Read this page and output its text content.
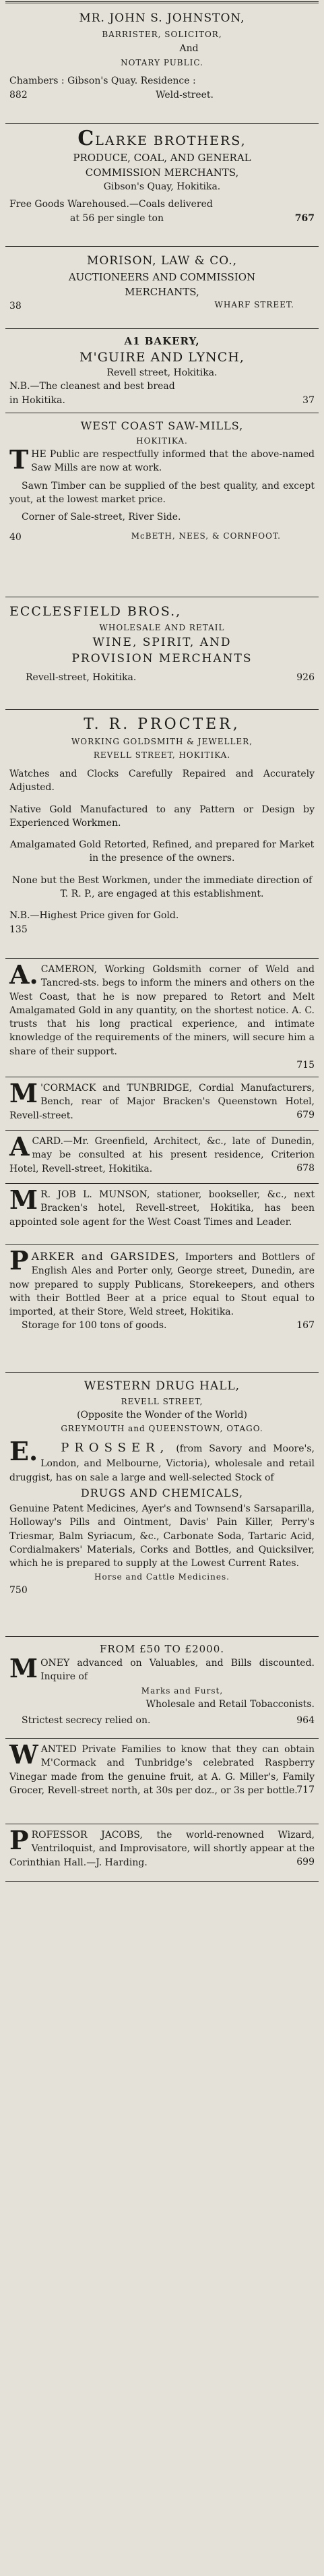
MR. JOHN S. JOHNSTON,
BARRISTER, SOLICITOR,
And
NOTARY PUBLIC.
Chambers : Gibson's Quay. Residence :
882	Weld-street.
CLARKE BROTHERS,
PRODUCE, COAL, AND GENERAL
COMMISSION MERCHANTS,
Gibson's Quay, Hokitika.
Free Goods Warehoused.—Coals delivered
at 56 per single ton	767
MORISON, LAW & CO.,
AUCTIONEERS AND COMMISSION
MERCHANTS,
38	WHARF STREET.
A1 BAKERY,
M'GUIRE AND LYNCH,
Revell street, Hokitika.
N.B.—The cleanest and best bread
in Hokitika.	37
WEST COAST SAW-MILLS,
HOKITIKA.
THE Public are respectfully informed that the above-named Saw Mills are now at work.
Sawn Timber can be supplied of the best quality, and except yout, at the lowest market price.
Corner of Sale-street, River Side.
40	McBETH, NEES, & CORNFOOT.
ECCLESFIELD BROS.,
WHOLESALE AND RETAIL
WINE, SPIRIT, AND
PROVISION MERCHANTS
Revell-street, Hokitika.	926
T. R. PROCTER,
WORKING GOLDSMITH & JEWELLER,
REVELL STREET, HOKITIKA.
Watches and Clocks Carefully Repaired and Accurately Adjusted.
Native Gold Manufactured to any Pattern or Design by Experienced Workmen.
Amalgamated Gold Retorted, Refined, and prepared for Market in the presence of the owners.
None but the Best Workmen, under the immediate direction of T. R. P., are engaged at this establishment.
N.B.—Highest Price given for Gold.
135
A. CAMERON, Working Goldsmith corner of Weld and Tancred-sts. begs to inform the miners and others on the West Coast, that he is now prepared to Retort and Melt Amalgamated Gold in any quantity, on the shortest notice. A. C. trusts that his long practical experience, and intimate knowledge of the requirements of the miners, will secure him a share of their support.
715
M 'CORMACK and TUNBRIDGE, Cordial Manufacturers, Bench, rear of Major Bracken's Queenstown Hotel, Revell-street.	679
A CARD.—Mr. Greenfield, Architect, &c., late of Dunedin, may be consulted at his present residence, Criterion Hotel, Revell-street, Hokitika.	678
M R. JOB L. MUNSON, stationer, bookseller, &c., next Bracken's hotel, Revell-street, Hokitika, has been appointed sole agent for the West Coast Times and Leader.
PARKER and GARSIDES, Importers and Bottlers of English Ales and Porter only, George street, Dunedin, are now prepared to supply Publicans, Storekeepers, and others with their Bottled Beer at a price equal to Stout equal to imported, at their Store, Weld street, Hokitika.
Storage for 100 tons of goods.	167
WESTERN DRUG HALL,
REVELL STREET,
(Opposite the Wonder of the World)
GREYMOUTH and QUEENSTOWN, OTAGO.
E. PROSSER, (from Savory and Moore's, London, and Melbourne, Victoria), wholesale and retail druggist, has on sale a large and well-selected Stock of
DRUGS AND CHEMICALS,
Genuine Patent Medicines, Ayer's and Townsend's Sarsaparilla, Holloway's Pills and Ointment, Davis' Pain Killer, Perry's Triesmar, Balm Syriacum, &c., Carbonate Soda, Tartaric Acid, Cordialmakers' Materials, Corks and Bottles, and Quicksilver, which he is prepared to supply at the Lowest Current Rates.
Horse and Cattle Medicines.
750
FROM £50 TO £2000.
MONEY advanced on Valuables, and Bills discounted. Inquire of
Marks and Furst,
Wholesale and Retail Tobacconists.
Strictest secrecy relied on.	964
WANTED Private Families to know that they can obtain M'Cormack and Tunbridge's celebrated Raspberry Vinegar made from the genuine fruit, at A. G. Miller's, Family Grocer, Revell-street north, at 30s per doz., or 3s per bottle.
717
PROFESSOR JACOBS, the world-renowned Wizard, Ventriloquist, and Improvisatore, will shortly appear at the Corinthian Hall.—J. Harding.	699
